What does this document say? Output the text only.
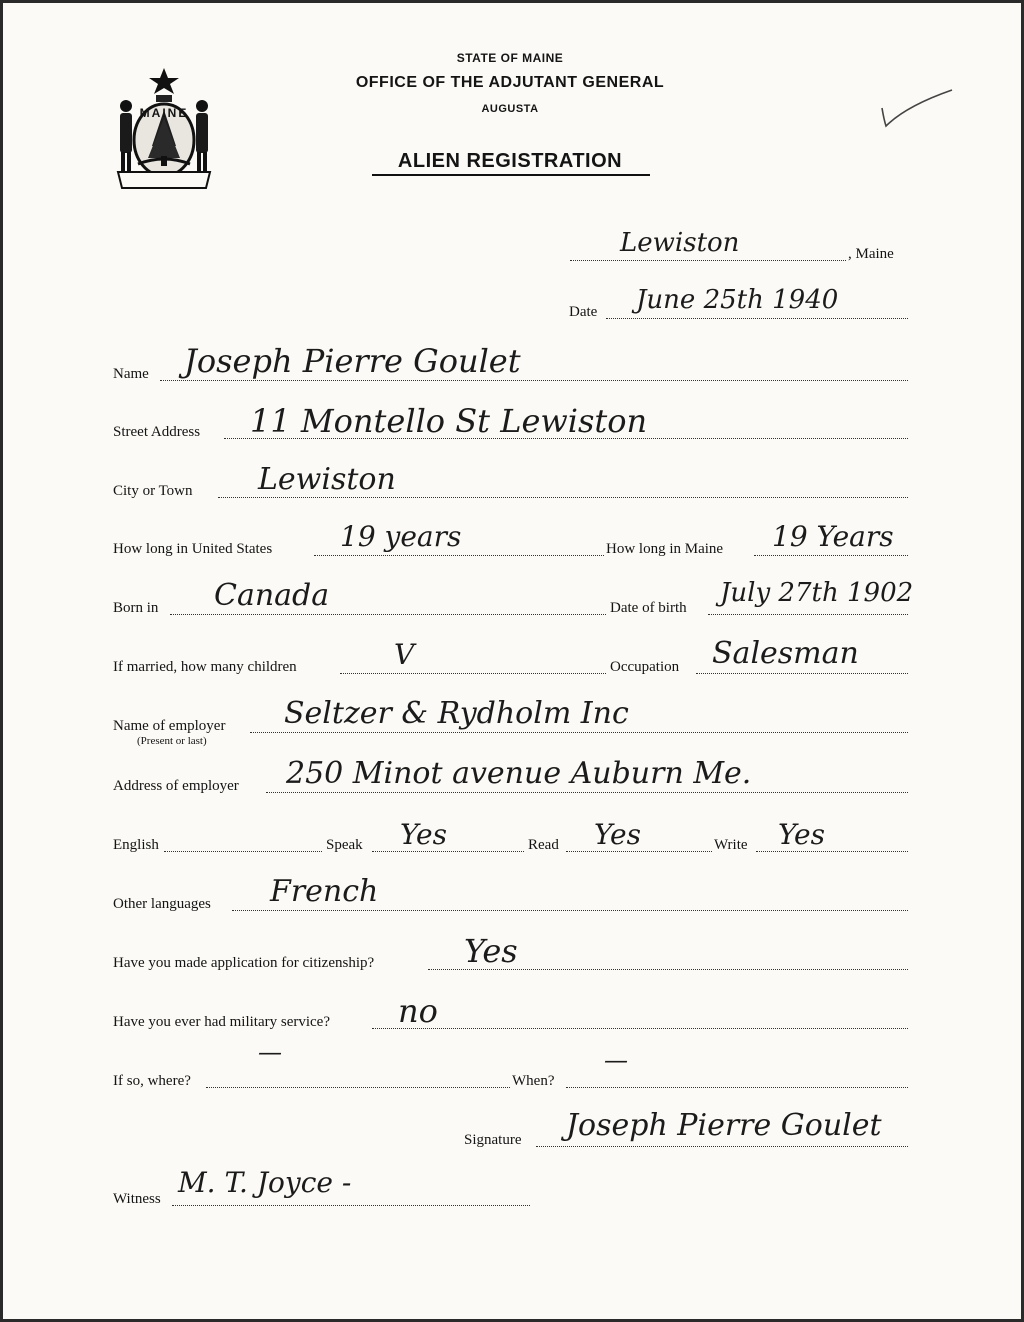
MAINE
STATE OF MAINE
OFFICE OF THE ADJUTANT GENERAL
AUGUSTA
ALIEN REGISTRATION
, Maine
Lewiston
Date June 25th 1940
Name Joseph Pierre Goulet
Street Address 11 Montello St Lewiston
City or Town Lewiston
How long in United States 19 years	How long in Maine 19 Years
Born in Canada	Date of birth July 27th 1902
If married, how many children	V	Occupation Salesman
Name of employer
(Present or last)
Seltzer & Rydholm Inc
Address of employer 250 Minot avenue Auburn Me.
English	Speak Yes	Read Yes	Write Yes
Other languages French
Have you made application for citizenship?	Yes
Have you ever had military service? no
If so, where?
—
When?
—
Signature Joseph Pierre Goulet
Witness M. T. Joyce -
